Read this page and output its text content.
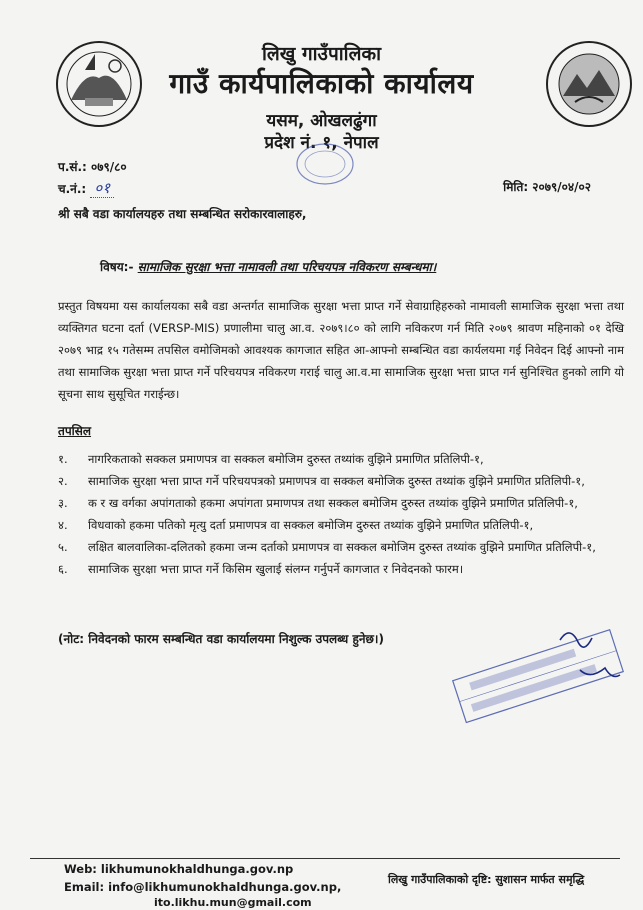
लिखु गाउँपालिका
गाउँ कार्यपालिकाको कार्यालय
यसम, ओखलढुंगा
प्रदेश नं. १, नेपाल
प.सं.: ०७९/८०
च.नं.: ०१	मिति: २०७९/०४/०२
श्री सबै वडा कार्यालयहरु तथा सम्बन्धित सरोकारवालाहरु,
विषय:- सामाजिक सुरक्षा भत्ता नामावली तथा परिचयपत्र नविकरण सम्बन्धमा।
प्रस्तुत विषयमा यस कार्यालयका सबै वडा अन्तर्गत सामाजिक सुरक्षा भत्ता प्राप्त गर्ने सेवाग्राहिहरुको नामावली सामाजिक सुरक्षा भत्ता तथा व्यक्तिगत घटना दर्ता (VERSP-MIS) प्रणालीमा चालु आ.व. २०७९।८० को लागि नविकरण गर्न मिति २०७९ श्रावण महिनाको ०१ देखि २०७९ भाद्र १५ गतेसम्म तपसिल वमोजिमको आवश्यक कागजात सहित आ-आफ्नो सम्बन्धित वडा कार्यलयमा गई निवेदन दिई आफ्नो नाम तथा सामाजिक सुरक्षा भत्ता प्राप्त गर्ने परिचयपत्र नविकरण गराई चालु आ.व.मा सामाजिक सुरक्षा भत्ता प्राप्त गर्न सुनिश्चित हुनको लागि यो सूचना साथ सुसूचित गराईन्छ।
तपसिल
१.	नागरिकताको सक्कल प्रमाणपत्र वा सक्कल बमोजिम दुरुस्त तथ्यांक वुझिने प्रमाणित प्रतिलिपी-१,
२.	सामाजिक सुरक्षा भत्ता प्राप्त गर्ने परिचयपत्रको प्रमाणपत्र वा सक्कल बमोजिक दुरुस्त तथ्यांक वुझिने प्रमाणित प्रतिलिपी-१,
३.	क र ख वर्गका अपांगताको हकमा अपांगता प्रमाणपत्र तथा सक्कल बमोजिम दुरुस्त तथ्यांक वुझिने प्रमाणित प्रतिलिपी-१,
४.	विधवाको हकमा पतिको मृत्यु दर्ता प्रमाणपत्र वा सक्कल बमोजिम दुरुस्त तथ्यांक वुझिने प्रमाणित प्रतिलिपी-१,
५.	लक्षित बालवालिका-दलितको हकमा जन्म दर्ताको प्रमाणपत्र वा सक्कल बमोजिम दुरुस्त तथ्यांक वुझिने प्रमाणित प्रतिलिपी-१,
६.	सामाजिक सुरक्षा भत्ता प्राप्त गर्ने किसिम खुलाई संलग्न गर्नुपर्ने कागजात र निवेदनको फारम।
(नोट: निवेदनको फारम सम्बन्धित वडा कार्यालयमा निशुल्क उपलब्ध हुनेछ।)
Web: likhumunokhaldhunga.gov.np
Email: info@likhumunokhaldhunga.gov.np,
ito.likhu.mun@gmail.com
लिखु गाउँपालिकाको दृष्टि: सुशासन मार्फत समृद्धि
